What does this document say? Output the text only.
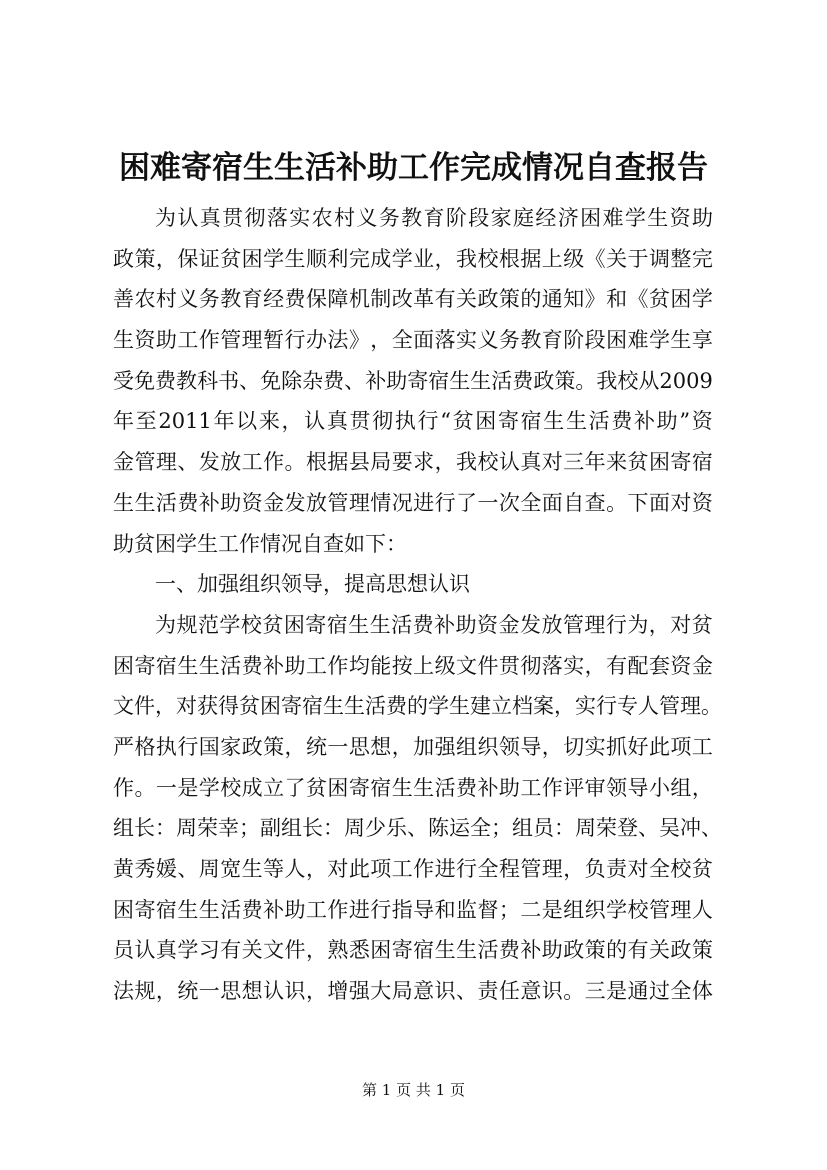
困难寄宿生生活补助工作完成情况自查报告
为 认 真 贯 彻 落 实 农 村 义 务 教 育 阶 段 家 庭 经 济 困 难 学 生 资 助
政 策 ， 保 证 贫 困 学 生 顺 利 完 成 学 业 ， 我 校 根 据 上 级 《 关 于 调 整 完
善 农 村 义 务 教 育 经 费 保 障 机 制 改 革 有 关 政 策 的 通 知 》 和 《 贫 困 学
生 资 助 工 作 管 理 暂 行 办 法 》 ， 全 面 落 实 义 务 教 育 阶 段 困 难 学 生 享
受 免 费 教 科 书 、 免 除 杂 费 、 补 助 寄 宿 生 生 活 费 政 策 。 我 校 从 2009
年 至 2011 年 以 来 ， 认 真 贯 彻 执 行 “ 贫 困 寄 宿 生 生 活 费 补 助 ” 资
金 管 理 、 发 放 工 作 。 根 据 县 局 要 求 ， 我 校 认 真 对 三 年 来 贫 困 寄 宿
生 生 活 费 补 助 资 金 发 放 管 理 情 况 进 行 了 一 次 全 面 自 查 。 下 面 对 资
助贫困学生工作情况自查如下：
一、加强组织领导，提高思想认识
为 规 范 学 校 贫 困 寄 宿 生 生 活 费 补 助 资 金 发 放 管 理 行 为 ， 对 贫
困 寄 宿 生 生 活 费 补 助 工 作 均 能 按 上 级 文 件 贯 彻 落 实 ， 有 配 套 资 金
文 件 ， 对 获 得 贫 困 寄 宿 生 生 活 费 的 学 生 建 立 档 案 ， 实 行 专 人 管 理 。
严 格 执 行 国 家 政 策 ， 统 一 思 想 ， 加 强 组 织 领 导 ， 切 实 抓 好 此 项 工
作 。 一 是 学 校 成 立 了 贫 困 寄 宿 生 生 活 费 补 助 工 作 评 审 领 导 小 组 ，
组 长 ： 周 荣 幸 ； 副 组 长 ： 周 少 乐 、 陈 运 全 ； 组 员 ： 周 荣 登 、 吴 冲 、
黄 秀 媛 、 周 宽 生 等 人 ， 对 此 项 工 作 进 行 全 程 管 理 ， 负 责 对 全 校 贫
困 寄 宿 生 生 活 费 补 助 工 作 进 行 指 导 和 监 督 ； 二 是 组 织 学 校 管 理 人
员 认 真 学 习 有 关 文 件 ， 熟 悉 困 寄 宿 生 生 活 费 补 助 政 策 的 有 关 政 策
法 规 ， 统 一 思 想 认 识 ， 增 强 大 局 意 识 、 责 任 意 识 。 三 是 通 过 全 体
第 1 页 共 1 页
